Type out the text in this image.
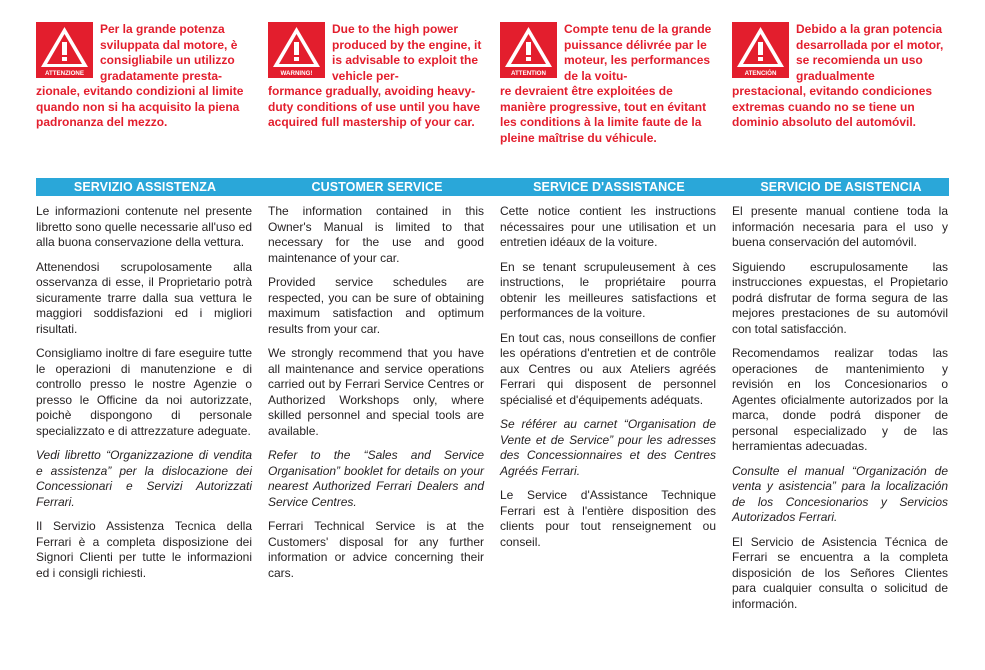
ATTENZIONE
Per la grande potenza sviluppata dal motore, è consigliabile un utilizzo gradatamente presta-
zionale, evitando condizioni al limite quando non si ha acquisito la piena padronanza del mezzo.
WARNING!
Due to the high power produced by the engine, it is advisable to exploit the vehicle per-
formance gradually, avoiding heavy-duty conditions of use until you have acquired full mastership of your car.
ATTENTION
Compte tenu de la grande puissance délivrée par le moteur, les performances de la voitu-
re devraient être exploitées de manière progressive, tout en évitant les conditions à la limite faute de la pleine maîtrise du véhicule.
ATENCIÓN
Debido a la gran potencia desarrollada por el motor, se recomienda un uso gradualmente
prestacional, evitando condiciones extremas cuando no se tiene un dominio absoluto del automóvil.
SERVIZIO ASSISTENZA	CUSTOMER SERVICE	SERVICE D'ASSISTANCE	SERVICIO DE ASISTENCIA

Le informazioni contenute nel presente libretto sono quelle necessarie all'uso ed alla buona conservazione della vettura.

Attenendosi scrupolosamente alla osservanza di esse, il Proprietario potrà sicuramente trarre dalla sua vettura le maggiori soddisfazioni ed i migliori risultati.

Consigliamo inoltre di fare eseguire tutte le operazioni di manutenzione e di controllo presso le nostre Agenzie o presso le Officine da noi autorizzate, poichè dispongono di personale specializzato e di attrezzature adeguate.

Vedi libretto “Organizzazione di vendita e assistenza” per la dislocazione dei Concessionari e Servizi Autorizzati Ferrari.

Il Servizio Assistenza Tecnica della Ferrari è a completa disposizione dei Signori Clienti per tutte le informazioni ed i consigli richiesti.

The information contained in this Owner's Manual is limited to that necessary for the use and good maintenance of your car.

Provided service schedules are respected, you can be sure of obtaining maximum satisfaction and optimum results from your car.

We strongly recommend that you have all maintenance and service operations carried out by Ferrari Service Centres or Authorized Workshops only, where skilled personnel and special tools are available.

Refer to the “Sales and Service Organisation” booklet for details on your nearest Authorized Ferrari Dealers and Service Centres.

Ferrari Technical Service is at the Customers' disposal for any further information or advice concerning their cars.

Cette notice contient les instructions nécessaires pour une utilisation et un entretien idéaux de la voiture.

En se tenant scrupuleusement à ces instructions, le propriétaire pourra obtenir les meilleures satisfactions et performances de la voiture.

En tout cas, nous conseillons de confier les opérations d'entretien et de contrôle aux Centres ou aux Ateliers agréés Ferrari qui disposent de personnel spécialisé et d'équipements adéquats.

Se référer au carnet “Organisation de Vente et de Service” pour les adresses des Concessionnaires et des Centres Agréés Ferrari.

Le Service d'Assistance Technique Ferrari est à l'entière disposition des clients pour tout renseignement ou conseil.

El presente manual contiene toda la información necesaria para el uso y buena conservación del automóvil.

Siguiendo escrupulosamente las instrucciones expuestas, el Propietario podrá disfrutar de forma segura de las mejores prestaciones de su automóvil con total satisfacción.

Recomendamos realizar todas las operaciones de mantenimiento y revisión en los Concesionarios o Agentes oficialmente autorizados por la marca, donde podrá disponer de personal especializado y de las herramientas adecuadas.

Consulte el manual “Organización de venta y asistencia” para la localización de los Concesionarios y Servicios Autorizados Ferrari.

El Servicio de Asistencia Técnica de Ferrari se encuentra a la completa disposición de los Señores Clientes para cualquier consulta o solicitud de información.
